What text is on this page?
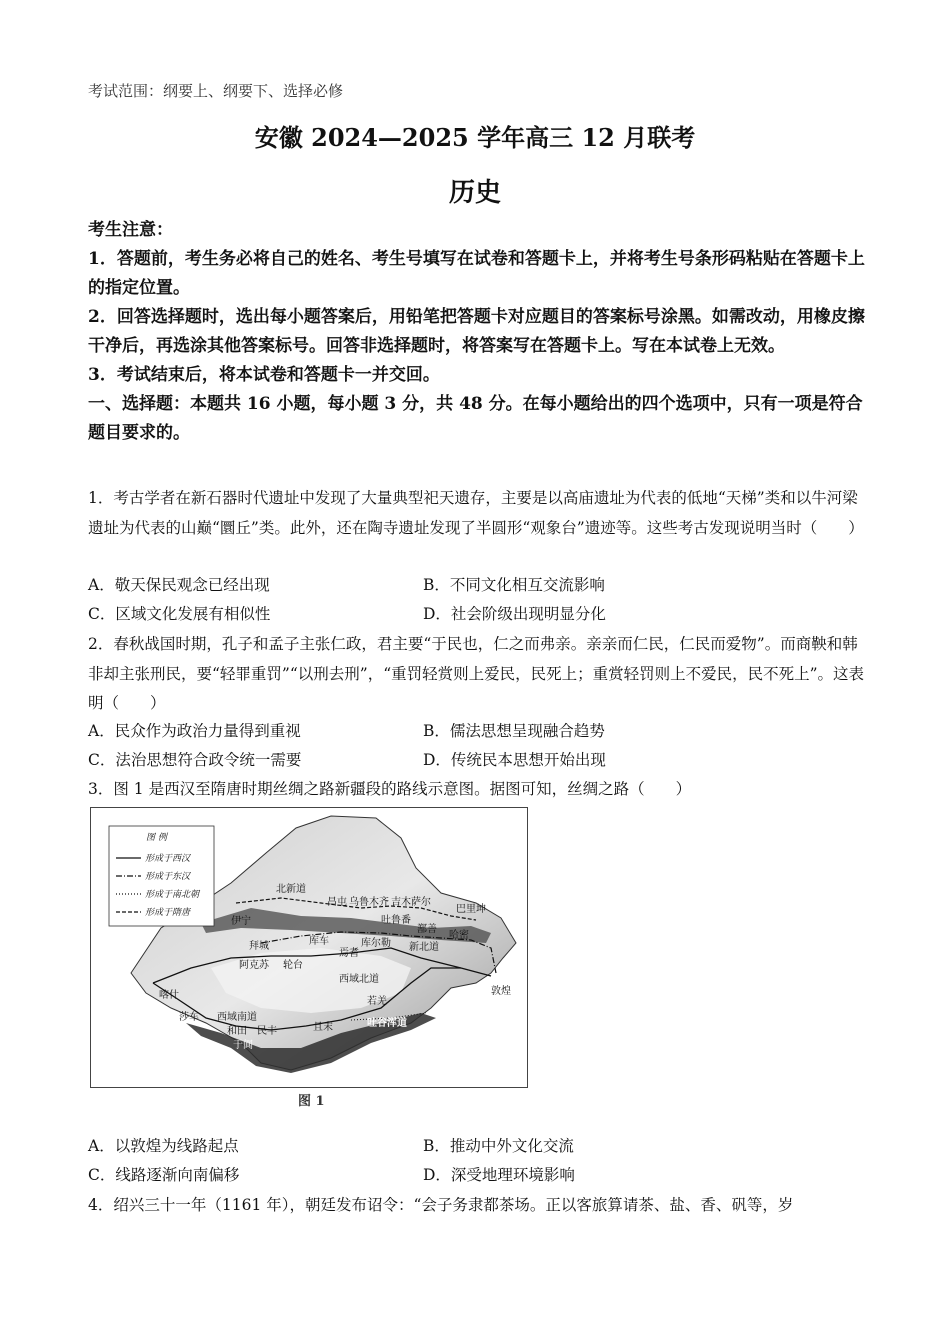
考试范围：纲要上、纲要下、选择必修
安徽 2024—2025 学年高三 12 月联考
历史

考生注意：

1．答题前，考生务必将自己的姓名、考生号填写在试卷和答题卡上，并将考生号条形码粘贴在答题卡上的指定位置。

2．回答选择题时，选出每小题答案后，用铅笔把答题卡对应题目的答案标号涂黑。如需改动，用橡皮擦干净后，再选涂其他答案标号。回答非选择题时，将答案写在答题卡上。写在本试卷上无效。

3．考试结束后，将本试卷和答题卡一并交回。

一、选择题：本题共 16 小题，每小题 3 分，共 48 分。在每小题给出的四个选项中，只有一项是符合题目要求的。

1．考古学者在新石器时代遗址中发现了大量典型祀天遗存，主要是以高庙遗址为代表的低地“天梯”类和以牛河梁遗址为代表的山巅“圜丘”类。此外，还在陶寺遗址发现了半圆形“观象台”遗迹等。这些考古发现说明当时（　　）

A．敬天保民观念已经出现	B．不同文化相互交流影响
C．区域文化发展有相似性	D．社会阶级出现明显分化

2．春秋战国时期，孔子和孟子主张仁政，君主要“于民也，仁之而弗亲。亲亲而仁民，仁民而爱物”。而商鞅和韩非却主张刑民，要“轻罪重罚”“以刑去刑”，“重罚轻赏则上爱民，民死上；重赏轻罚则上不爱民，民不死上”。这表明（　　）

A．民众作为政治力量得到重视	B．儒法思想呈现融合趋势
C．法治思想符合政令统一需要	D．传统民本思想开始出现

3．图 1 是西汉至隋唐时期丝绸之路新疆段的路线示意图。据图可知，丝绸之路（　　）

图 例
形成于西汉
形成于东汉
形成于南北朝
形成于隋唐
北新道
昌屯 乌鲁木齐 吉木萨尔
巴里坤
伊宁	吐鲁番
鄯善
哈密
拜城	库车	库尔勒
焉耆
新北道
阿克苏 轮台
西域北道
敦煌
喀什
莎车 西域南道
若羌
和田 民丰	且末	吐谷浑道
于阗
图 1
A．以敦煌为线路起点	B．推动中外文化交流
C．线路逐渐向南偏移	D．深受地理环境影响

4．绍兴三十一年（1161 年），朝廷发布诏令：“会子务隶都茶场。正以客旅算请茶、盐、香、矾等，岁
